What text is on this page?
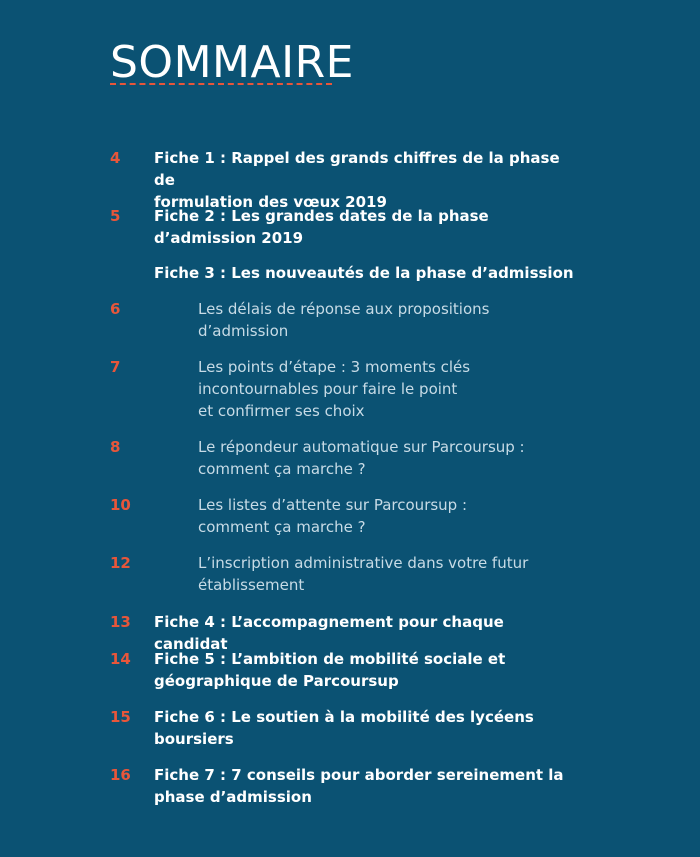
SOMMAIRE
4 Fiche 1 : Rappel des grands chiffres de la phase de
formulation des vœux 2019
5 Fiche 2 : Les grandes dates de la phase
d’admission 2019
Fiche 3 : Les nouveautés de la phase d’admission
6	Les délais de réponse aux propositions
d’admission
7	Les points d’étape : 3 moments clés
incontournables pour faire le point
et confirmer ses choix
8	Le répondeur automatique sur Parcoursup :
comment ça marche ?
10	Les listes d’attente sur Parcoursup :
comment ça marche ?
12	L’inscription administrative dans votre futur
établissement
13 Fiche 4 : L’accompagnement pour chaque candidat
14 Fiche 5 : L’ambition de mobilité sociale et
géographique de Parcoursup
15 Fiche 6 : Le soutien à la mobilité des lycéens
boursiers
16 Fiche 7 : 7 conseils pour aborder sereinement la
phase d’admission
